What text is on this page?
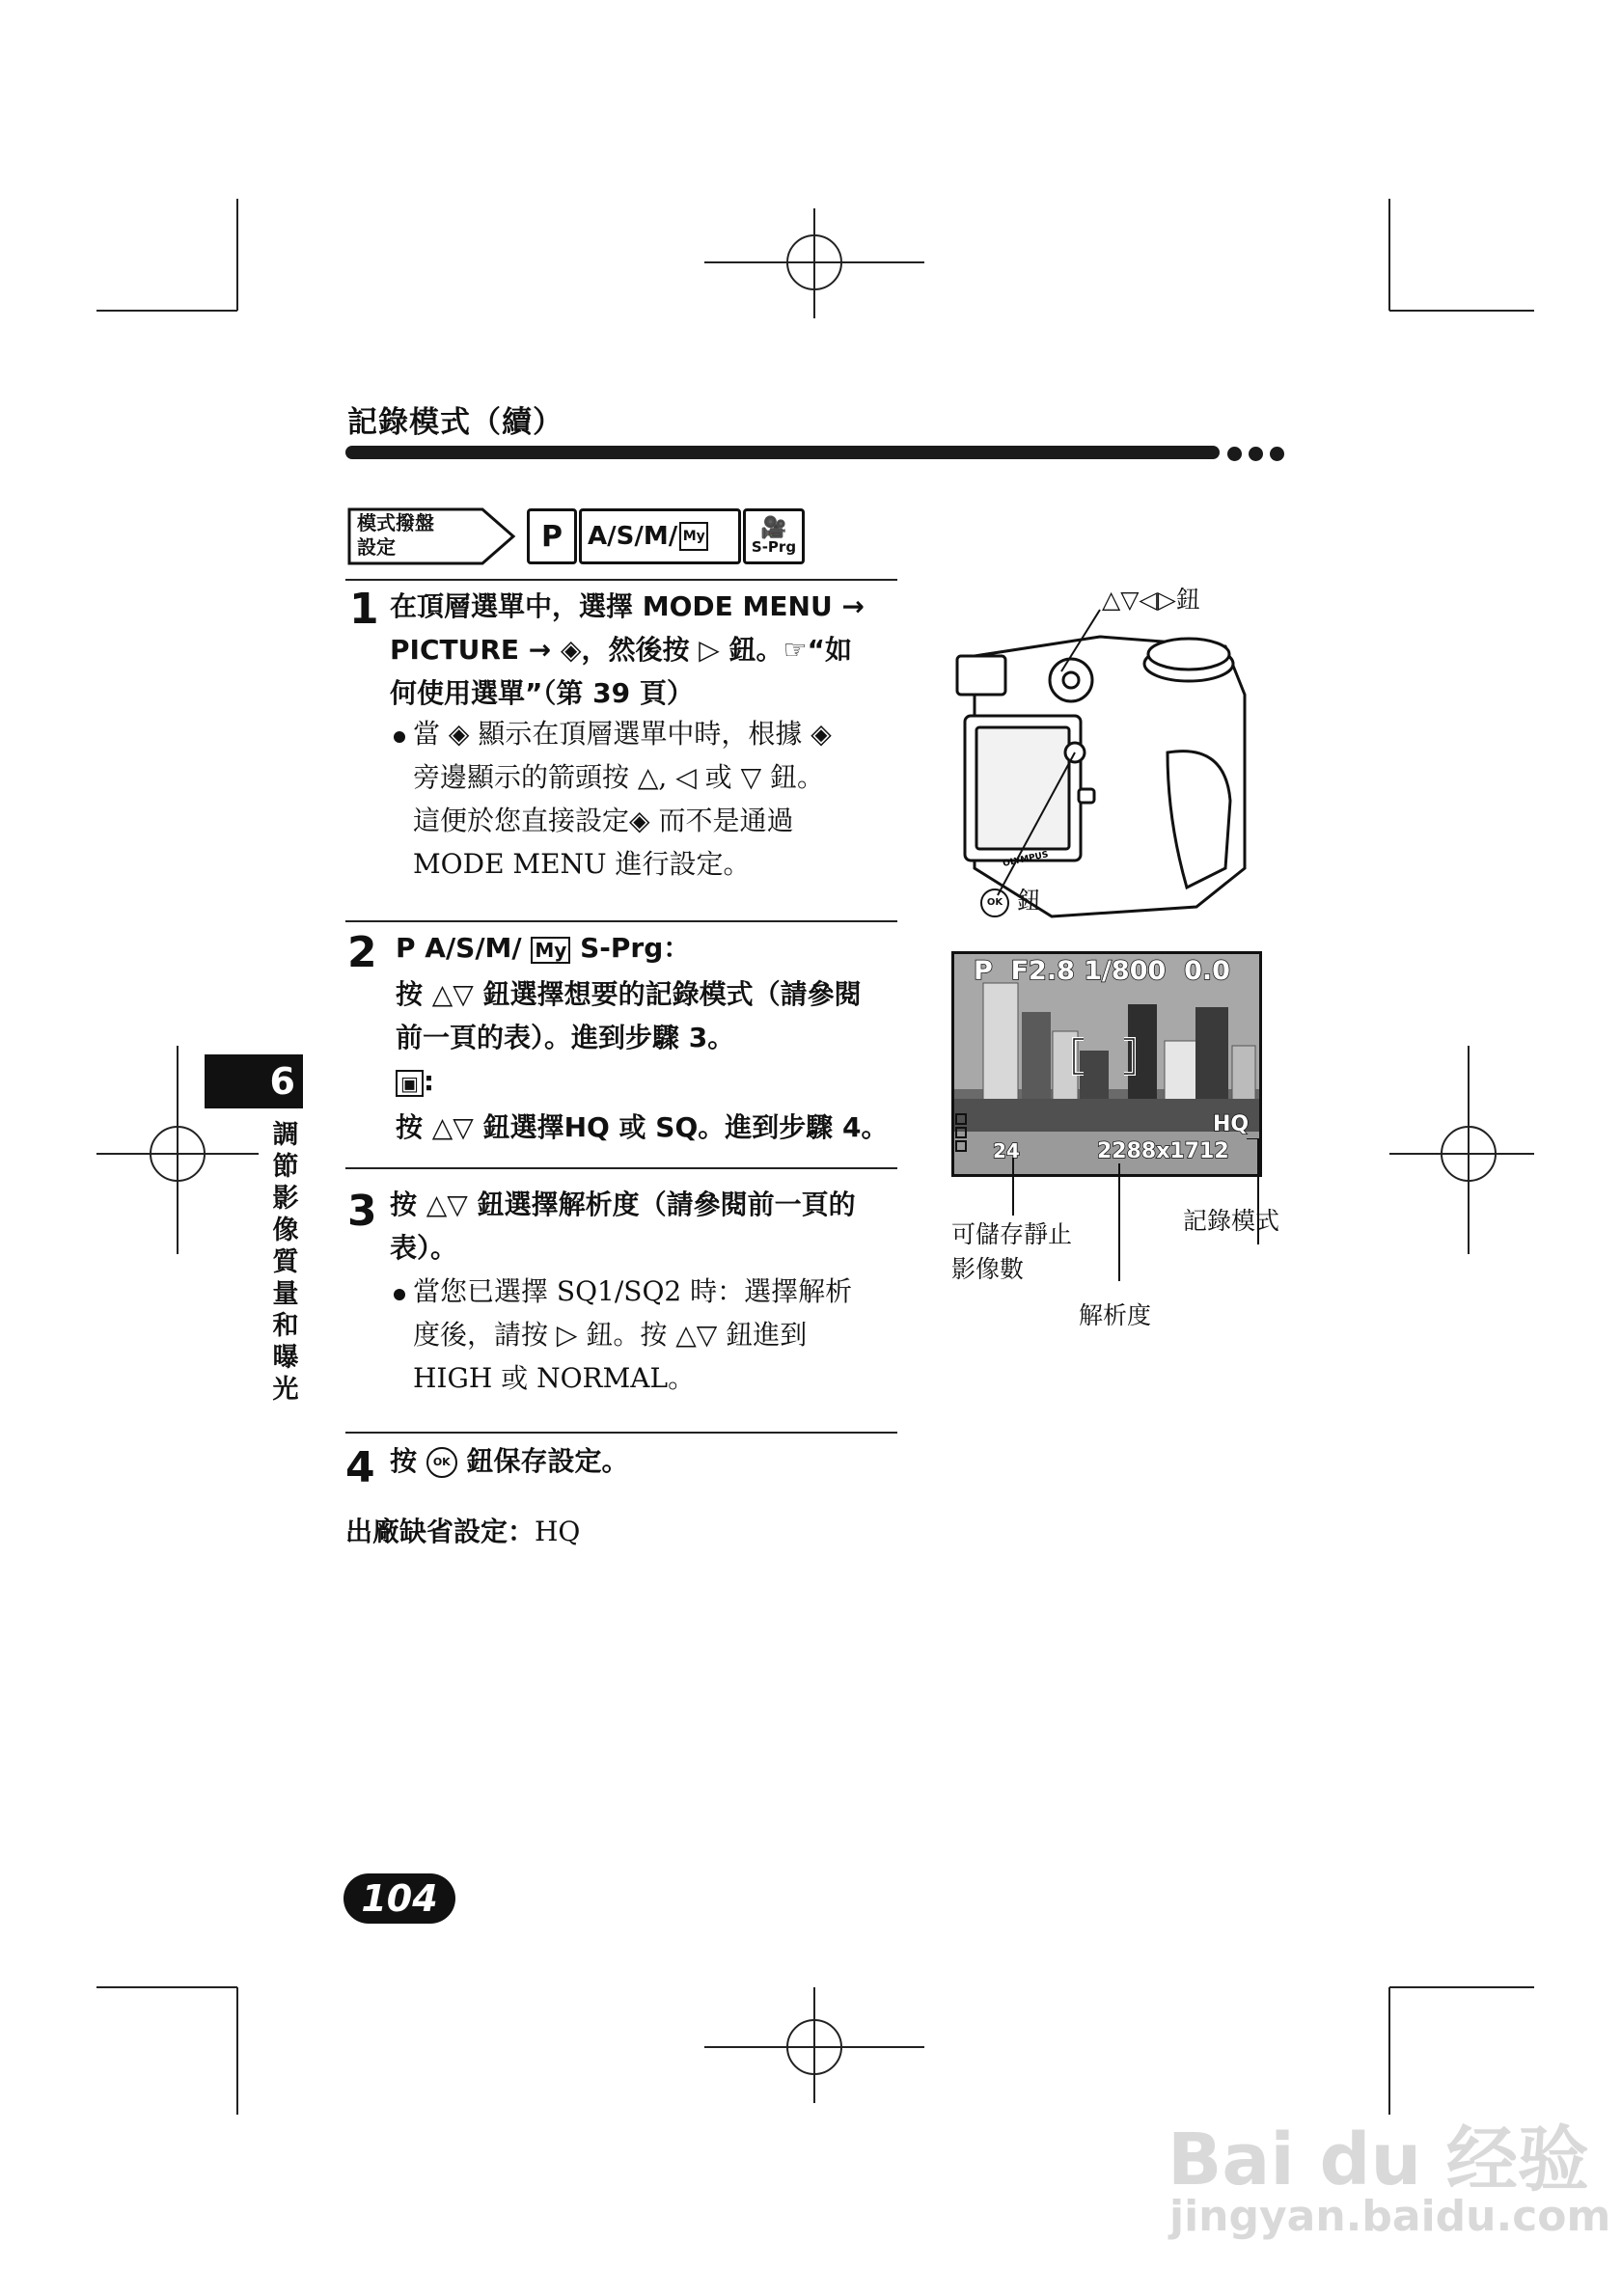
記錄模式（續）
模式撥盤
設定	P	A/S/M/ My	🎥
S-Prg
1 在頂層選單中，選擇 MODE MENU →
PICTURE → ◈，然後按 ▷ 鈕。☞“如
何使用選單”（第 39 頁）
當 ◈ 顯示在頂層選單中時，根據 ◈
旁邊顯示的箭頭按 △, ◁ 或 ▽ 鈕。
這便於您直接設定◈ 而不是通過
MODE MENU 進行設定。
2 P A/S/M/ My S-Prg：
按 △▽ 鈕選擇想要的記錄模式（請參閱
前一頁的表）。進到步驟 3。
▣ :
按 △▽ 鈕選擇HQ 或 SQ。進到步驟 4。
3 按 △▽ 鈕選擇解析度（請參閱前一頁的
表）。
當您已選擇 SQ1/SQ2 時：選擇解析
度後，請按 ▷ 鈕。按 △▽ 鈕進到
HIGH 或 NORMAL。
4 按 OK 鈕保存設定。
出廠缺省設定：HQ
△▽◁▷鈕
OLYMPUS
OK 鈕
P  F2.8 1/800  0.0
HQ
24	2288x1712
可儲存靜止
影像數
解析度
記錄模式
6
調
節
影
像
質
量
和
曝
光
104
Bai du 经验
jingyan.baidu.com
